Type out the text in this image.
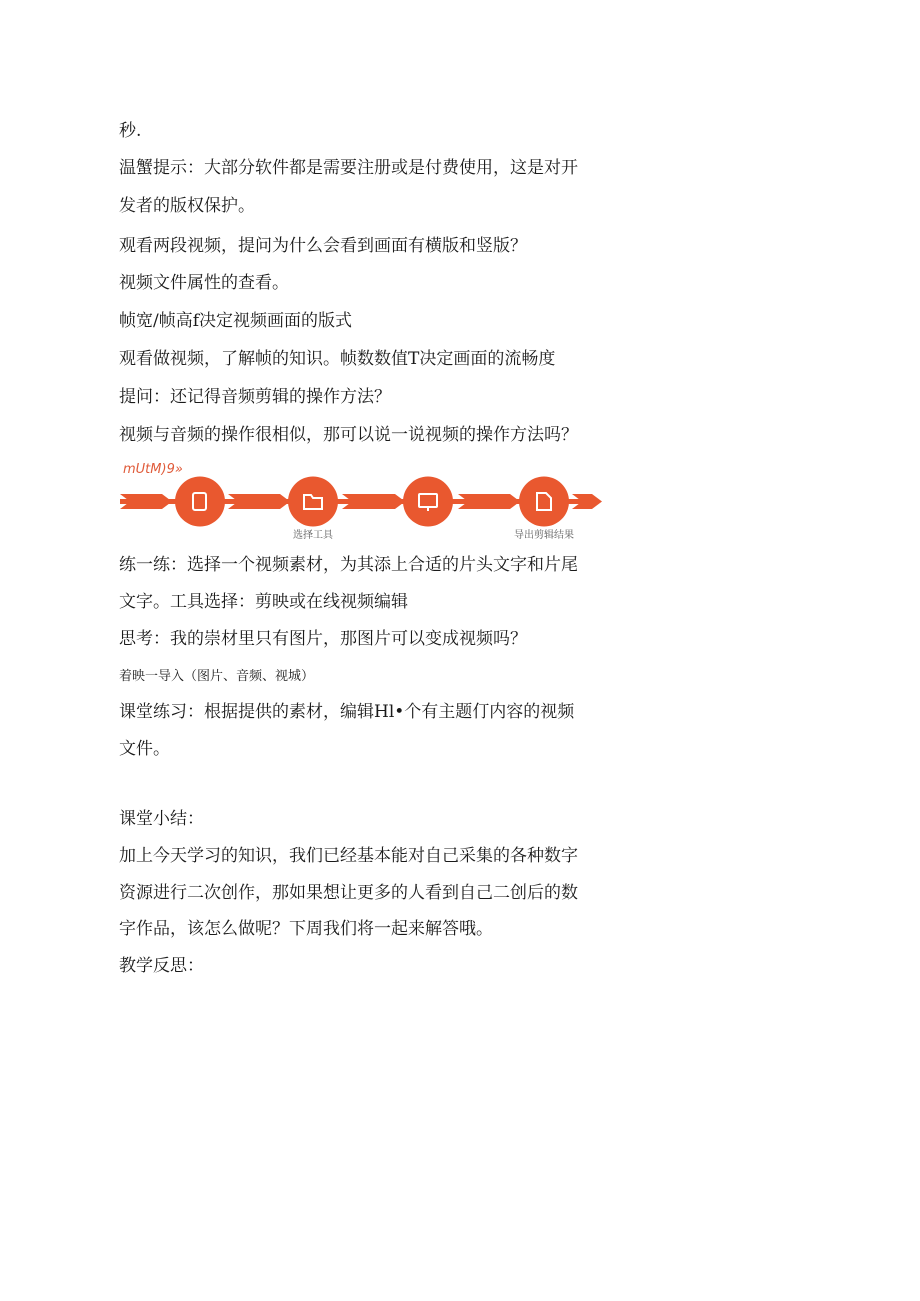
秒.

温蟹提示：大部分软件都是需要注册或是付费使用，这是对开

发者的版权保护。

观看两段视频，提问为什么会看到画面有横版和竖版？

视频文件属性的查看。

帧宽/帧高f决定视频画面的版式

观看做视频，了解帧的知识。帧数数值T决定画面的流畅度

提问：还记得音频剪辑的操作方法？

视频与音频的操作很相似，那可以说一说视频的操作方法吗？

mUtM)9»
选择工具	导出剪辑结果

练一练：选择一个视频素材，为其添上合适的片头文字和片尾

文字。工具选择：剪映或在线视频编辑

思考：我的崇材里只有图片，那图片可以变成视频吗？

着映一导入（图片、音频、视城）

课堂练习：根据提供的素材，编辑Hl•个有主题仃内容的视频

文件。

课堂小结：

加上今天学习的知识，我们已经基本能对自己采集的各种数字

资源进行二次创作，那如果想让更多的人看到自己二创后的数

字作品，该怎么做呢？下周我们将一起来解答哦。

教学反思：
